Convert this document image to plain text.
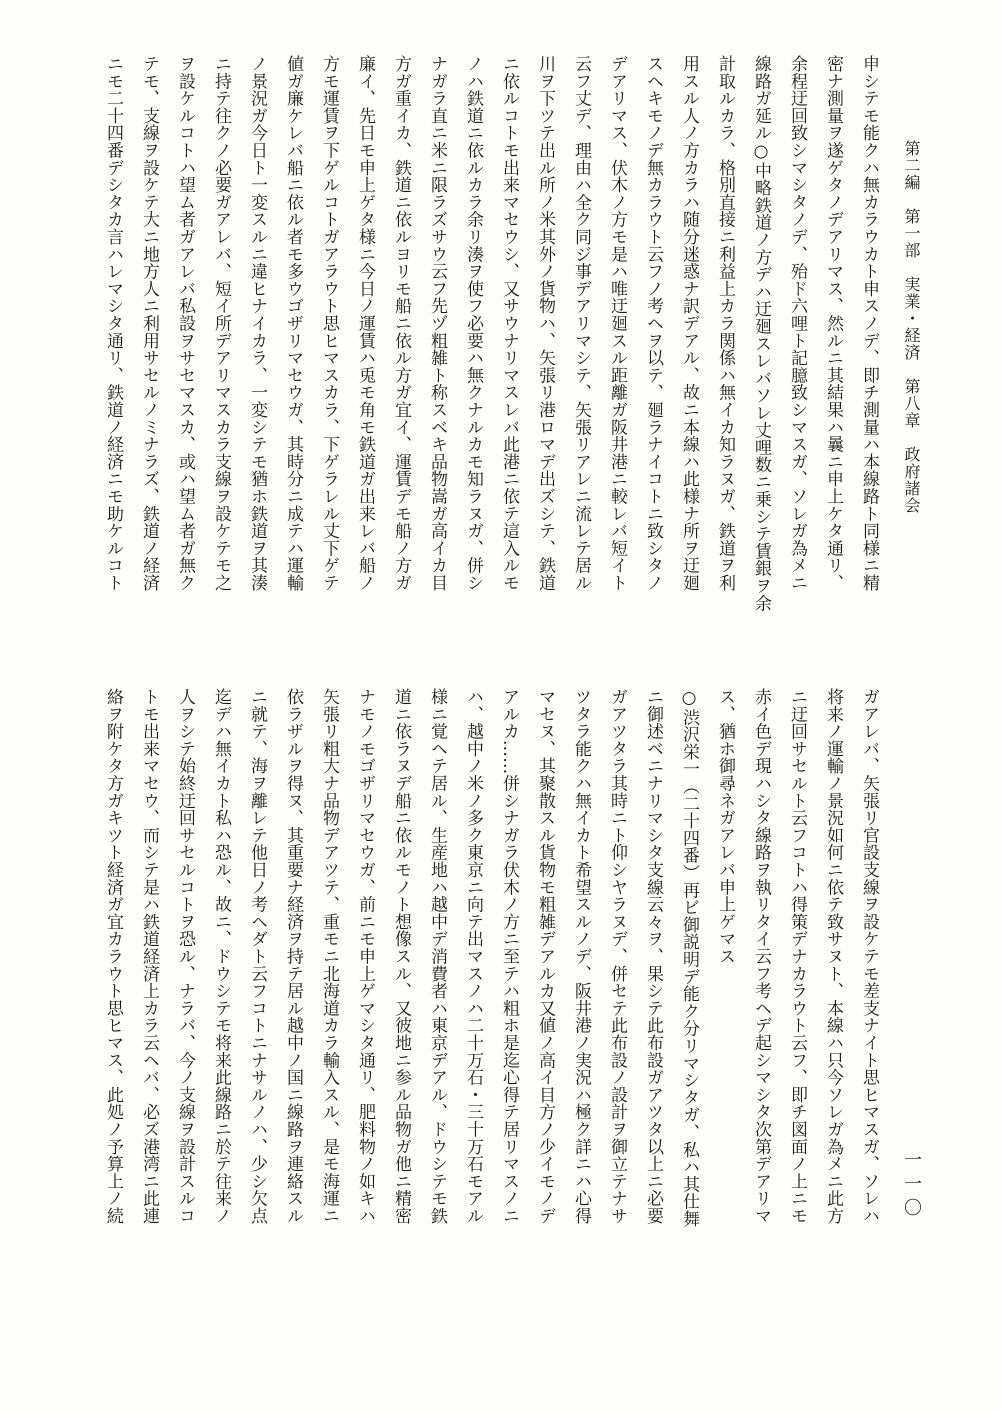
第二編　第一部　実業・経済　第八章　政府諸会
申シテモ能クハ無カラウカト申スノデ、即チ測量ハ本線路ト同様ニ精
密ナ測量ヲ遂ゲタノデアリマス、然ルニ其結果ハ曩ニ申上ケタ通リ、
余程迂回致シマシタノデ、殆ド六哩ト記臆致シマスガ、ソレガ為メニ
線路ガ延ル○中略鉄道ノ方デハ迂廻スレバソレ丈哩数ニ乗シテ賃銀ヲ余
計取ルカラ、格別直接ニ利益上カラ関係ハ無イカ知ラヌガ、鉄道ヲ利
用スル人ノ方カラハ随分迷惑ナ訳デアル、故ニ本線ハ此様ナ所ヲ迂廻
スヘキモノデ無カラウト云フノ考ヘヲ以テ、廻ラナイコトニ致シタノ
デアリマス、伏木ノ方モ是ハ唯迂廻スル距離ガ阪井港ニ較レバ短イト
云フ丈デ、理由ハ全ク同ジ事デアリマシテ、矢張リアレニ流レテ居ル
川ヲ下ツテ出ル所ノ米其外ノ貨物ハ、矢張リ港ロマデ出ズシテ、鉄道
ニ依ルコトモ出来マセウシ、又サウナリマスレバ此港ニ依テ這入ルモ
ノハ鉄道ニ依ルカラ余リ湊ヲ使フ必要ハ無クナルカモ知ラヌガ、併シ
ナガラ直ニ米ニ限ラズサウ云フ先ヅ粗雑ト称スベキ品物嵩ガ高イカ目
方ガ重イカ、鉄道ニ依ルヨリモ船ニ依ル方ガ宜イ、運賃デモ船ノ方ガ
廉イ、先日モ申上ゲタ様ニ今日ノ運賃ハ兎モ角モ鉄道ガ出来レバ船ノ
方モ運賃ヲ下ゲルコトガアラウト思ヒマスカラ、下ゲラレル丈下ゲテ
値ガ廉ケレバ船ニ依ル者モ多ウゴザリマセウガ、其時分ニ成テハ運輸
ノ景況ガ今日ト一変スルニ違ヒナイカラ、一変シテモ猶ホ鉄道ヲ其湊
ニ持テ往クノ必要ガアレバ、短イ所デアリマスカラ支線ヲ設ケテモ之
ヲ設ケルコトハ望ム者ガアレバ私設ヲサセマスカ、或ハ望ム者ガ無ク
テモ、支線ヲ設ケテ大ニ地方人ニ利用サセルノミナラズ、鉄道ノ経済
ニモ二十四番デシタカ言ハレマシタ通リ、鉄道ノ経済ニモ助ケルコト
ガアレバ、矢張リ官設支線ヲ設ケテモ差支ナイト思ヒマスガ、ソレハ
将来ノ運輸ノ景況如何ニ依テ致サヌト、本線ハ只今ソレガ為メニ此方
ニ迂回サセルト云フコトハ得策デナカラウト云フ、即チ図面ノ上ニモ
赤イ色デ現ハシタ線路ヲ執リタイ云フ考ヘデ起シマシタ次第デアリマ
ス、猶ホ御尋ネガアレバ申上ゲマス
○渋沢栄一（二十四番）再ビ御説明デ能ク分リマシタガ、私ハ其仕舞
ニ御述ベニナリマシタ支線云々ヲ、果シテ此布設ガアツタ以上ニ必要
ガアツタラ其時ニト仰シヤラヌデ、併セテ此布設ノ設計ヲ御立テナサ
ツタラ能クハ無イカト希望スルノデ、阪井港ノ実況ハ極ク詳ニハ心得
マセヌ、其聚散スル貨物モ粗雑デアルカ又値ノ高イ目方ノ少イモノデ
アルカ……併シナガラ伏木ノ方ニ至テハ粗ホ是迄心得テ居リマスノニ
ハ、越中ノ米ノ多ク東京ニ向テ出マスノハ二十万石・三十万石モアル
様ニ覚ヘテ居ル、生産地ハ越中デ消費者ハ東京デアル、ドウシテモ鉄
道ニ依ラヌデ船ニ依ルモノト想像スル、又彼地ニ参ル品物ガ他ニ精密
ナモノモゴザリマセウガ、前ニモ申上ゲマシタ通リ、肥料物ノ如キハ
矢張リ粗大ナ品物デアツテ、重モニ北海道カラ輸入スル、是モ海運ニ
依ラザルヲ得ヌ、其重要ナ経済ヲ持テ居ル越中ノ国ニ線路ヲ連絡スル
ニ就テ、海ヲ離レテ他日ノ考ヘダト云フコトニナサルノハ、少シ欠点
迄デハ無イカト私ハ恐ル、故ニ、ドウシテモ将来此線路ニ於テ往来ノ
人ヲシテ始終迂回サセルコトヲ恐ル、ナラバ、今ノ支線ヲ設計スルコ
トモ出来マセウ、而シテ是ハ鉄道経済上カラ云ヘバ、必ズ港湾ニ此連
絡ヲ附ケタ方ガキツト経済ガ宜カラウト思ヒマス、此処ノ予算上ノ続	一一〇
